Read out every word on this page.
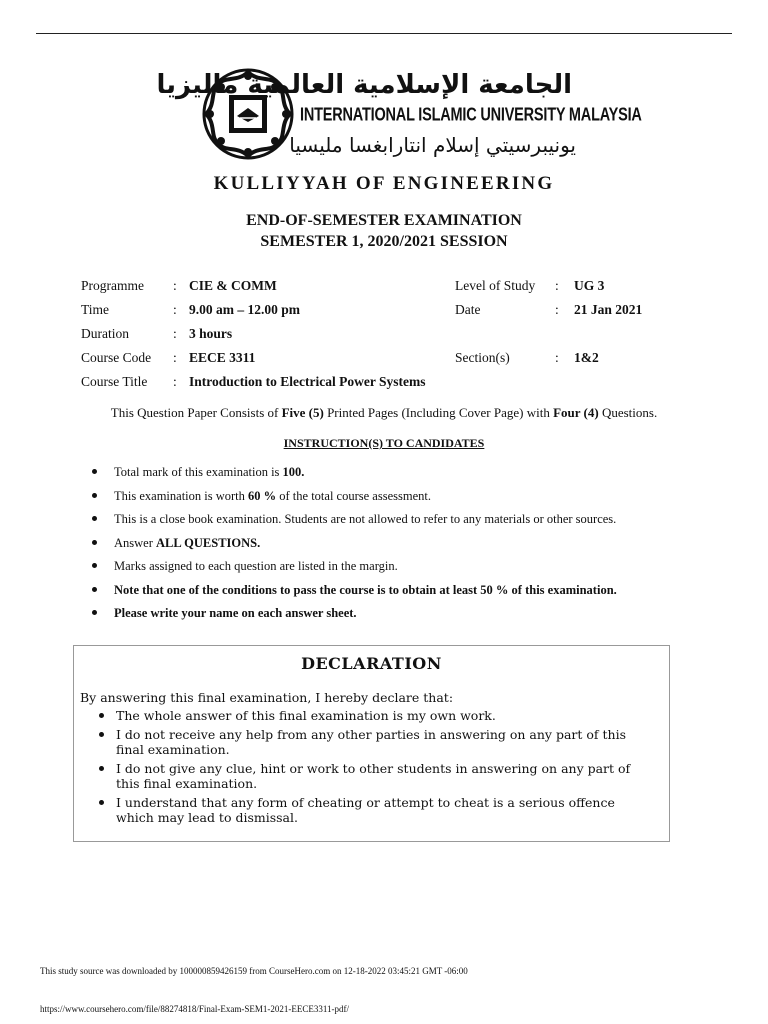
الجامعة الإسلامية العالمية ماليزيا
INTERNATIONAL ISLAMIC UNIVERSITY MALAYSIA
يونيبرسيتي إسلام انتارابغسا مليسيا
KULLIYYAH OF ENGINEERING
END-OF-SEMESTER EXAMINATION
SEMESTER 1, 2020/2021 SESSION
Programme : CIE & COMM	Level of Study : UG 3
Time	: 9.00 am – 12.00 pm	Date	: 21 Jan 2021
Duration	: 3 hours
Course Code : EECE 3311	Section(s)	: 1&2
Course Title : Introduction to Electrical Power Systems
This Question Paper Consists of Five (5) Printed Pages (Including Cover Page) with Four (4) Questions.
INSTRUCTION(S) TO CANDIDATES
Total mark of this examination is 100.
This examination is worth 60 % of the total course assessment.
This is a close book examination. Students are not allowed to refer to any materials or other sources.
Answer ALL QUESTIONS.
Marks assigned to each question are listed in the margin.
Note that one of the conditions to pass the course is to obtain at least 50 % of this examination.
Please write your name on each answer sheet.
DECLARATION
By answering this final examination, I hereby declare that:
The whole answer of this final examination is my own work.
I do not receive any help from any other parties in answering on any part of this final examination.
I do not give any clue, hint or work to other students in answering on any part of this final examination.
I understand that any form of cheating or attempt to cheat is a serious offence which may lead to dismissal.
This study source was downloaded by 100000859426159 from CourseHero.com on 12-18-2022 03:45:21 GMT -06:00
https://www.coursehero.com/file/88274818/Final-Exam-SEM1-2021-EECE3311-pdf/
